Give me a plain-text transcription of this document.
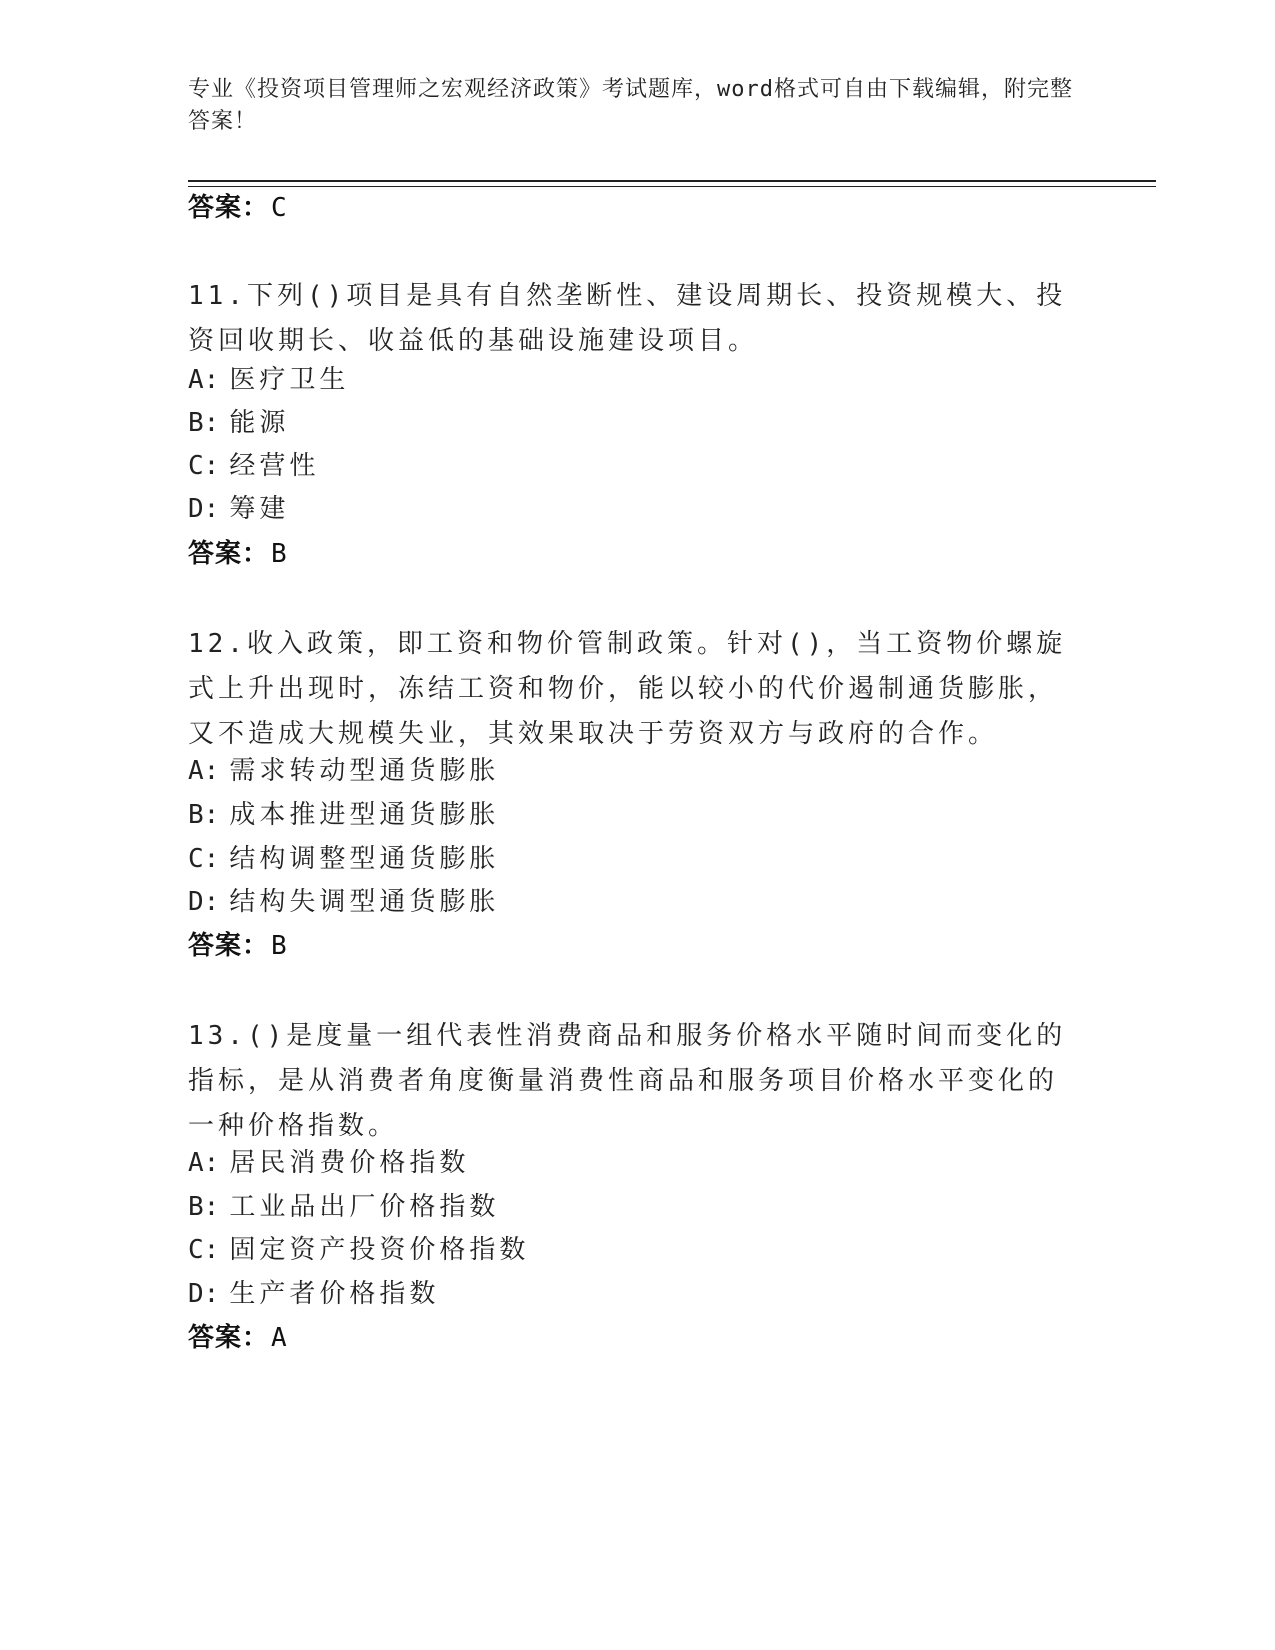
专业《投资项目管理师之宏观经济政策》考试题库，word格式可自由下载编辑，附完整答案！
答案：C
11.下列()项目是具有自然垄断性、建设周期长、投资规模大、投资回收期长、收益低的基础设施建设项目。
A: 医疗卫生
B: 能源
C: 经营性
D: 筹建
答案：B
12.收入政策，即工资和物价管制政策。针对()，当工资物价螺旋式上升出现时，冻结工资和物价，能以较小的代价遏制通货膨胀，又不造成大规模失业，其效果取决于劳资双方与政府的合作。
A: 需求转动型通货膨胀
B: 成本推进型通货膨胀
C: 结构调整型通货膨胀
D: 结构失调型通货膨胀
答案：B
13.()是度量一组代表性消费商品和服务价格水平随时间而变化的指标，是从消费者角度衡量消费性商品和服务项目价格水平变化的一种价格指数。
A: 居民消费价格指数
B: 工业品出厂价格指数
C: 固定资产投资价格指数
D: 生产者价格指数
答案：A
